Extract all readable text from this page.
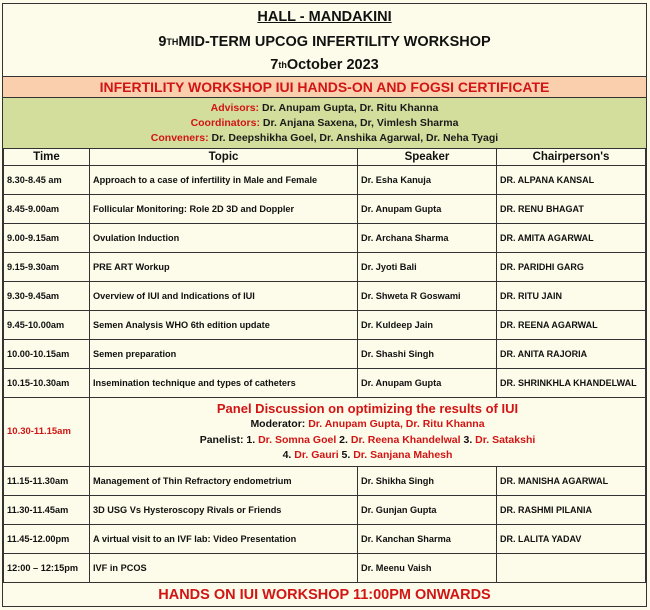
HALL - MANDAKINI
9 TH MID-TERM UPCOG INFERTILITY WORKSHOP
7 th October 2023
INFERTILITY WORKSHOP IUI HANDS-ON AND FOGSI CERTIFICATE
Advisors: Dr. Anupam Gupta, Dr. Ritu Khanna
Coordinators: Dr. Anjana Saxena, Dr, Vimlesh Sharma
Conveners: Dr. Deepshikha Goel, Dr. Anshika Agarwal, Dr. Neha Tyagi
Time	Topic	Speaker	Chairperson's
8.30-8.45 am	Approach to a case of infertility in Male and Female	Dr. Esha Kanuja	DR. ALPANA KANSAL
8.45-9.00am	Follicular Monitoring: Role 2D 3D and Doppler	Dr. Anupam Gupta	DR. RENU BHAGAT
9.00-9.15am	Ovulation Induction	Dr. Archana Sharma	DR. AMITA AGARWAL
9.15-9.30am	PRE ART Workup	Dr. Jyoti Bali	DR. PARIDHI GARG
9.30-9.45am	Overview of IUI and Indications of IUI	Dr. Shweta R Goswami	DR. RITU JAIN
9.45-10.00am	Semen Analysis WHO 6th edition update	Dr. Kuldeep Jain	DR. REENA AGARWAL
10.00-10.15am	Semen preparation	Dr. Shashi Singh	DR. ANITA RAJORIA
10.15-10.30am	Insemination technique and types of catheters	Dr. Anupam Gupta	DR. SHRINKHLA KHANDELWAL
10.30-11.15am	Panel Discussion on optimizing the results of IUI
Moderator: Dr. Anupam Gupta, Dr. Ritu Khanna
Panelist: 1. Dr. Somna Goel 2. Dr. Reena Khandelwal 3. Dr. Satakshi
4. Dr. Gauri 5. Dr. Sanjana Mahesh		

11.15-11.30am	Management of Thin Refractory endometrium	Dr. Shikha Singh	DR. MANISHA AGARWAL
11.30-11.45am	3D USG Vs Hysteroscopy Rivals or Friends	Dr. Gunjan Gupta	DR. RASHMI PILANIA
11.45-12.00pm	A virtual visit to an IVF lab: Video Presentation	Dr. Kanchan Sharma	DR. LALITA YADAV
12:00 – 12:15pm	IVF in PCOS	Dr. Meenu Vaish	
HANDS ON IUI WORKSHOP 11:00PM ONWARDS
